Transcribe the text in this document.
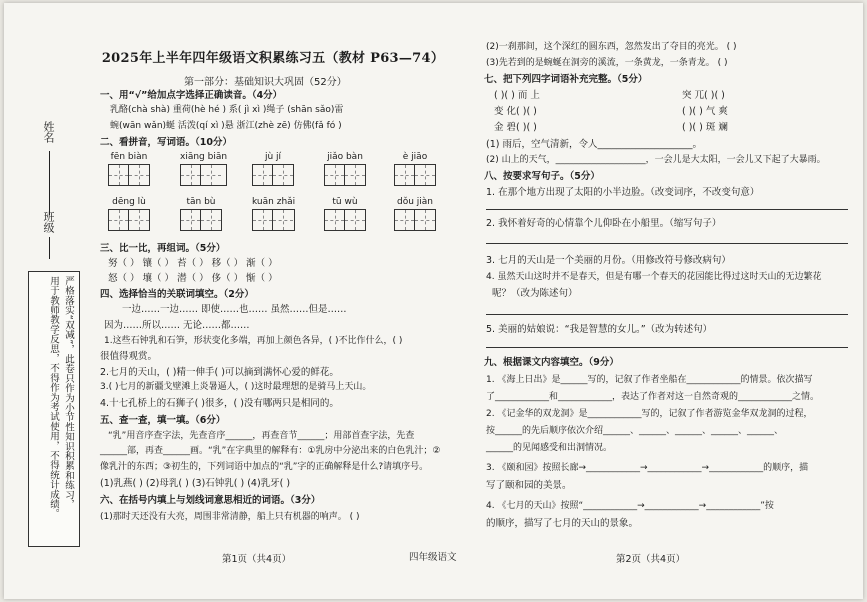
姓名
班级
严格落实“双减”，此卷只作为小节性知识积累和练习，
用于教师教学反思，不得作为考试使用，不得统计成绩。
2025年上半年四年级语文积累练习五（教材 P63—74）
第一部分：基础知识大巩固（52分）
一、用“√”给加点字选择正确读音。（4分）
乳酪(chà shà) 重荷(hè hé ) 系( jì xì )绳子 (shān sǎo)雷
蜿(wān wǎn)蜒 活泼(qí xì )悬 浙江(zhè zē) 仿佛(fǎ fó )
二、看拼音，写词语。（10分）
fēn biàn	xiāng biān	jù jí	jiǎo bàn	è jiāo
dēng lù	tān bù	kuān zhǎi	tū wù	dǒu jiàn
三、比一比，再组词。（5分）
努（ ） 镶（ ） 苔（ ） 移（ ） 渐（ ）
怒（ ） 壤（ ） 潜（ ） 侈（ ） 惭（ ）
四、选择恰当的关联词填空。（2分）
一边……一边…… 即使……也…… 虽然……但是……
因为……所以…… 无论……都……
1.这些石钟乳和石笋，形状变化多端，再加上颜色各异，( )不比作什么，( )
很值得观赏。
2.七月的天山，( )精一伸手( )可以摘到满怀心爱的鲜花。
3.( )七月的新疆戈壁滩上炎暑逼人，( )这时最理想的是骑马上天山。
4.十七孔桥上的石狮子( )很多，( )没有哪两只是相同的。
五、查一查，填一填。（6分）
“乳”用音序查字法，先查音序______，再查音节______；用部首查字法，先查
______部，再查______画。“乳”在字典里的解释有：①乳房中分泌出来的白色乳汁；②
像乳汁的东西；③初生的，下列词语中加点的“乳”字的正确解释是什么?请填序号。
(1)乳燕( ) (2)母乳( ) (3)石钟乳( ) (4)乳牙( )
六、在括号内填上与划线词意思相近的词语。（3分）
(1)那时天还没有大亮，周围非常清静，船上只有机器的响声。 ( )
(2)一刹那间，这个深红的圆东西，忽然发出了夺目的亮光。 ( )
(3)先若到的是蜿蜒在洞旁的溪流，一条黄龙，一条青龙。 ( )
七、把下列四字词语补充完整。（5分）
( )( ) 而 上	突 兀( )( )
变 化( )( )	( )( ) 气 爽
金 碧( )( )	( )( ) 斑 斓
(1) 雨后，空气清新，令人____________________。
(2) 山上的天气，____________________，一会儿是大太阳，一会儿又下起了大暴雨。
八、按要求写句子。（5分）
1. 在那个地方出现了太阳的小半边脸。（改变词序，不改变句意）
2. 我怀着好奇的心情靠个儿仰卧在小船里。（缩写句子）
3. 七月的天山是一个美丽的月份。（用修改符号修改病句）
4. 虽然天山这时并不是春天，但是有哪一个春天的花园能比得过这时天山的无边繁花
呢？（改为陈述句）
5. 美丽的姑娘说：“我是智慧的女儿。”（改为转述句）
九、根据课文内容填空。（9分）
1. 《海上日出》是______写的，记叙了作者坐船在____________的情景。依次描写
了____________和____________，表达了作者对这一自然奇观的____________之情。
2. 《记金华的双龙洞》是____________写的，记叙了作者游览金华双龙洞的过程，
按______的先后顺序依次介绍______、______、______、______、______、
______的见闻感受和出洞情况。
3. 《颐和园》按照长廊→____________→____________→____________的顺序，描
写了颐和园的美景。
4. 《七月的天山》按照“____________→____________→____________”按
的顺序，描写了七月的天山的景象。
第1页（共4页）	四年级语文	第2页（共4页）
